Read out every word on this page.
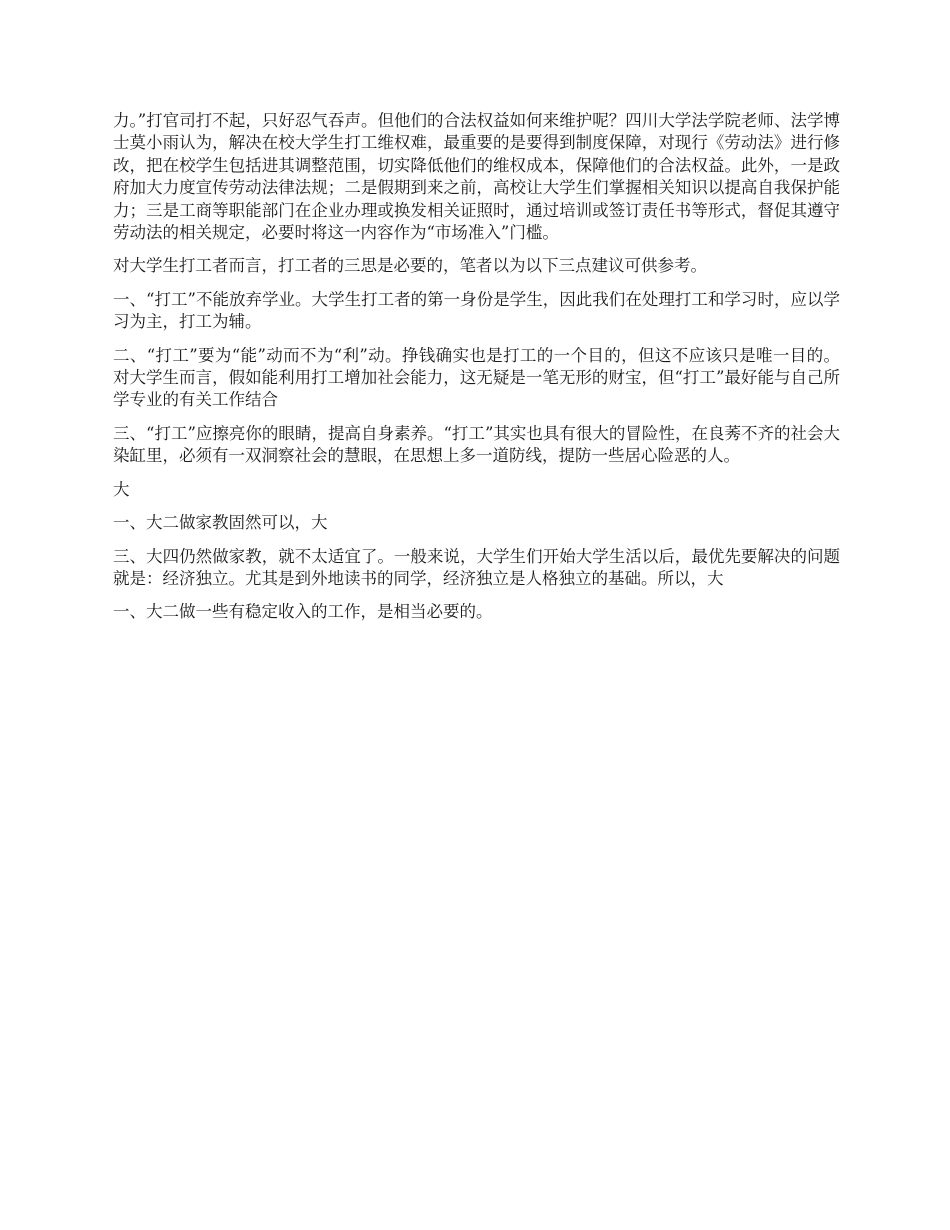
力。”打官司打不起，只好忍气吞声。但他们的合法权益如何来维护呢？四川大学法学院老师、法学博士莫小雨认为，解决在校大学生打工维权难，最重要的是要得到制度保障，对现行《劳动法》进行修改，把在校学生包括进其调整范围，切实降低他们的维权成本，保障他们的合法权益。此外，一是政府加大力度宣传劳动法律法规；二是假期到来之前，高校让大学生们掌握相关知识以提高自我保护能力；三是工商等职能部门在企业办理或换发相关证照时，通过培训或签订责任书等形式，督促其遵守劳动法的相关规定，必要时将这一内容作为“市场准入”门槛。

对大学生打工者而言，打工者的三思是必要的，笔者以为以下三点建议可供参考。

一、“打工”不能放弃学业。大学生打工者的第一身份是学生，因此我们在处理打工和学习时，应以学习为主，打工为辅。

二、“打工”要为“能”动而不为“利”动。挣钱确实也是打工的一个目的，但这不应该只是唯一目的。对大学生而言，假如能利用打工增加社会能力，这无疑是一笔无形的财宝，但“打工”最好能与自己所学专业的有关工作结合

三、“打工”应擦亮你的眼睛，提高自身素养。“打工”其实也具有很大的冒险性，在良莠不齐的社会大染缸里，必须有一双洞察社会的慧眼，在思想上多一道防线，提防一些居心险恶的人。

大

一、大二做家教固然可以，大

三、大四仍然做家教，就不太适宜了。一般来说，大学生们开始大学生活以后，最优先要解决的问题就是：经济独立。尤其是到外地读书的同学，经济独立是人格独立的基础。所以，大

一、大二做一些有稳定收入的工作，是相当必要的。
